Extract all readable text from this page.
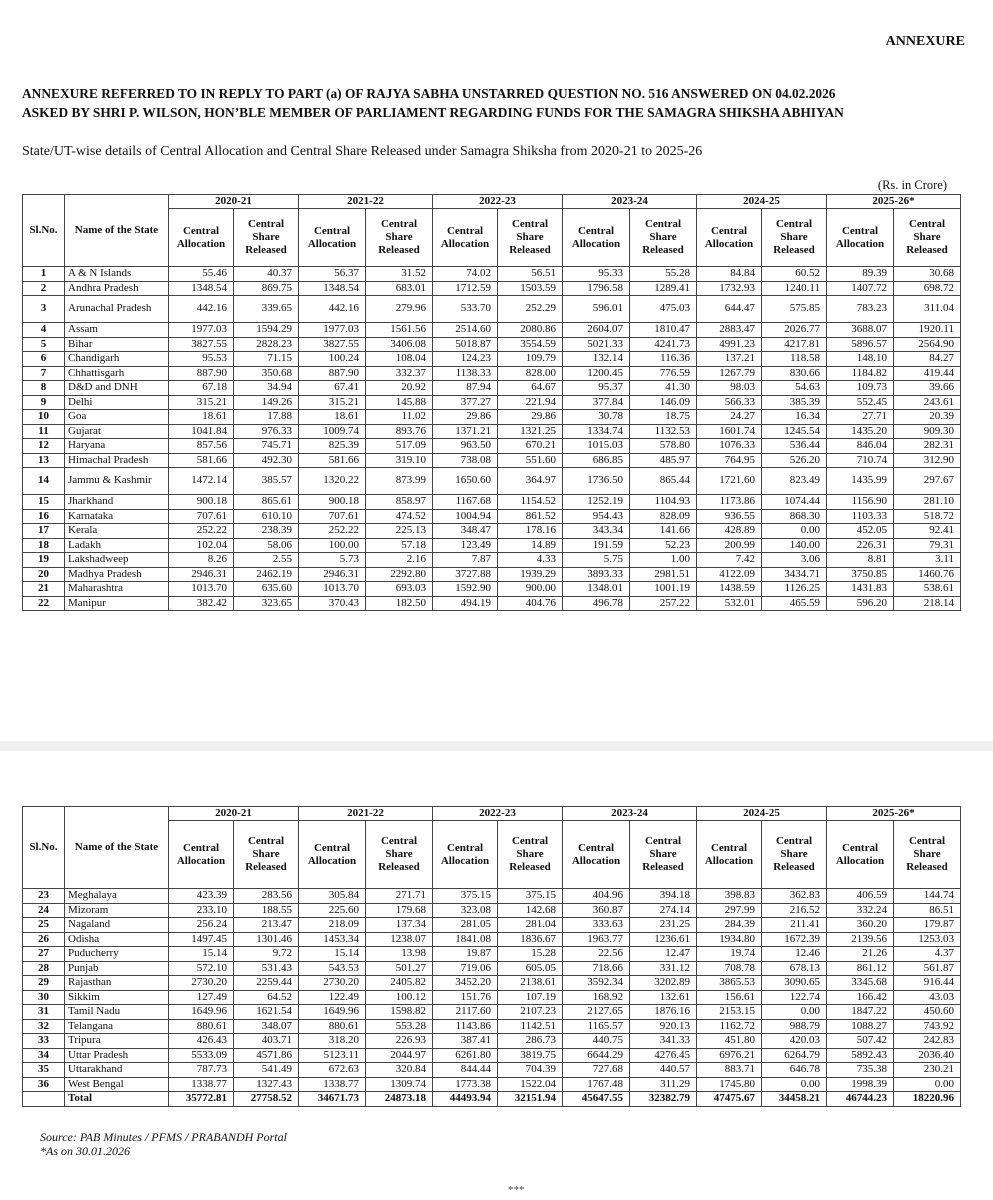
ANNEXURE
ANNEXURE REFERRED TO IN REPLY TO PART (a) OF RAJYA SABHA UNSTARRED QUESTION NO. 516 ANSWERED ON 04.02.2026
ASKED BY SHRI P. WILSON, HON’BLE MEMBER OF PARLIAMENT REGARDING FUNDS FOR THE SAMAGRA SHIKSHA ABHIYAN
State/UT-wise details of Central Allocation and Central Share Released under Samagra Shiksha from 2020-21 to 2025-26
(Rs. in Crore)
Sl.No.	Name of the State	2020-21		2021-22		2022-23		2023-24		2024-25		2025-26*	
		Central Allocation	Central Share Released	Central Allocation	Central Share Released	Central Allocation	Central Share Released	Central Allocation	Central Share Released	Central Allocation	Central Share Released	Central Allocation	Central Share Released
1	A & N Islands	55.46	40.37	56.37	31.52	74.02	56.51	95.33	55.28	84.84	60.52	89.39	30.68
2	Andhra Pradesh	1348.54	869.75	1348.54	683.01	1712.59	1503.59	1796.58	1289.41	1732.93	1240.11	1407.72	698.72
3	Arunachal Pradesh	442.16	339.65	442.16	279.96	533.70	252.29	596.01	475.03	644.47	575.85	783.23	311.04
4	Assam	1977.03	1594.29	1977.03	1561.56	2514.60	2080.86	2604.07	1810.47	2883.47	2026.77	3688.07	1920.11
5	Bihar	3827.55	2828.23	3827.55	3406.08	5018.87	3554.59	5021.33	4241.73	4991.23	4217.81	5896.57	2564.90
6	Chandigarh	95.53	71.15	100.24	108.04	124.23	109.79	132.14	116.36	137.21	118.58	148.10	84.27
7	Chhattisgarh	887.90	350.68	887.90	332.37	1138.33	828.00	1200.45	776.59	1267.79	830.66	1184.82	419.44
8	D&D and DNH	67.18	34.94	67.41	20.92	87.94	64.67	95.37	41.30	98.03	54.63	109.73	39.66
9	Delhi	315.21	149.26	315.21	145.88	377.27	221.94	377.84	146.09	566.33	385.39	552.45	243.61
10	Goa	18.61	17.88	18.61	11.02	29.86	29.86	30.78	18.75	24.27	16.34	27.71	20.39
11	Gujarat	1041.84	976.33	1009.74	893.76	1371.21	1321.25	1334.74	1132.53	1601.74	1245.54	1435.20	909.30
12	Haryana	857.56	745.71	825.39	517.09	963.50	670.21	1015.03	578.80	1076.33	536.44	846.04	282.31
13	Himachal Pradesh	581.66	492.30	581.66	319.10	738.08	551.60	686.85	485.97	764.95	526.20	710.74	312.90
14	Jammu & Kashmir	1472.14	385.57	1320.22	873.99	1650.60	364.97	1736.50	865.44	1721.60	823.49	1435.99	297.67
15	Jharkhand	900.18	865.61	900.18	858.97	1167.68	1154.52	1252.19	1104.93	1173.86	1074.44	1156.90	281.10
16	Karnataka	707.61	610.10	707.61	474.52	1004.94	861.52	954.43	828.09	936.55	868.30	1103.33	518.72
17	Kerala	252.22	238.39	252.22	225.13	348.47	178.16	343.34	141.66	428.89	0.00	452.05	92.41
18	Ladakh	102.04	58.06	100.00	57.18	123.49	14.89	191.59	52.23	200.99	140.00	226.31	79.31
19	Lakshadweep	8.26	2.55	5.73	2.16	7.87	4.33	5.75	1.00	7.42	3.06	8.81	3.11
20	Madhya Pradesh	2946.31	2462.19	2946.31	2292.80	3727.88	1939.29	3893.33	2981.51	4122.09	3434.71	3750.85	1460.76
21	Maharashtra	1013.70	635.60	1013.70	693.03	1592.90	900.00	1348.01	1001.19	1438.59	1126.25	1431.83	538.61
22	Manipur	382.42	323.65	370.43	182.50	494.19	404.76	496.78	257.22	532.01	465.59	596.20	218.14
Sl.No.	Name of the State	2020-21		2021-22		2022-23		2023-24		2024-25		2025-26*	
		Central Allocation	Central Share Released	Central Allocation	Central Share Released	Central Allocation	Central Share Released	Central Allocation	Central Share Released	Central Allocation	Central Share Released	Central Allocation	Central Share Released
23	Meghalaya	423.39	283.56	305.84	271.71	375.15	375.15	404.96	394.18	398.83	362.83	406.59	144.74
24	Mizoram	233.10	188.55	225.60	179.68	323.08	142.68	360.87	274.14	297.99	216.52	332.24	86.51
25	Nagaland	256.24	213.47	218.09	137.34	281.05	281.04	333.63	231.25	284.39	211.41	360.20	179.87
26	Odisha	1497.45	1301.46	1453.34	1238.07	1841.08	1836.67	1963.77	1236.61	1934.80	1672.39	2139.56	1253.03
27	Puducherry	15.14	9.72	15.14	13.98	19.87	15.28	22.56	12.47	19.74	12.46	21.26	4.37
28	Punjab	572.10	531.43	543.53	501.27	719.06	605.05	718.66	331.12	708.78	678.13	861.12	561.87
29	Rajasthan	2730.20	2259.44	2730.20	2405.82	3452.20	2138.61	3592.34	3202.89	3865.53	3090.65	3345.68	916.44
30	Sikkim	127.49	64.52	122.49	100.12	151.76	107.19	168.92	132.61	156.61	122.74	166.42	43.03
31	Tamil Nadu	1649.96	1621.54	1649.96	1598.82	2117.60	2107.23	2127.65	1876.16	2153.15	0.00	1847.22	450.60
32	Telangana	880.61	348.07	880.61	553.28	1143.86	1142.51	1165.57	920.13	1162.72	988.79	1088.27	743.92
33	Tripura	426.43	403.71	318.20	226.93	387.41	286.73	440.75	341.33	451.80	420.03	507.42	242.83
34	Uttar Pradesh	5533.09	4571.86	5123.11	2044.97	6261.80	3819.75	6644.29	4276.45	6976.21	6264.79	5892.43	2036.40
35	Uttarakhand	787.73	541.49	672.63	320.84	844.44	704.39	727.68	440.57	883.71	646.78	735.38	230.21
36	West Bengal	1338.77	1327.43	1338.77	1309.74	1773.38	1522.04	1767.48	311.29	1745.80	0.00	1998.39	0.00
	Total	35772.81	27758.52	34671.73	24873.18	44493.94	32151.94	45647.55	32382.79	47475.67	34458.21	46744.23	18220.96
Source: PAB Minutes / PFMS / PRABANDH Portal
*As on 30.01.2026
***
